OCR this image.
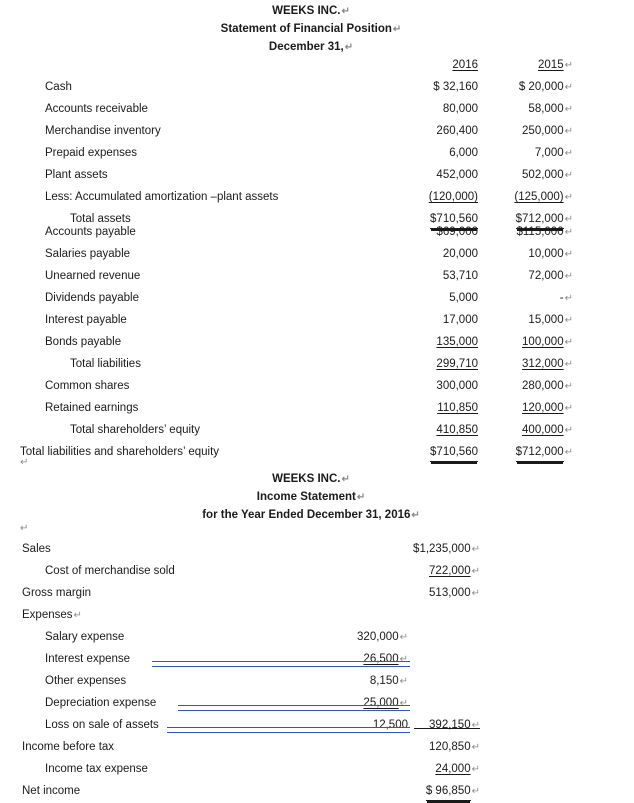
WEEKS INC.↵
Statement of Financial Position↵
December 31,↵
2016	2015↵
Cash	$ 32,160	$ 20,000↵
Accounts receivable	80,000	58,000↵
Merchandise inventory	260,400	250,000↵
Prepaid expenses	6,000	7,000↵
Plant assets	452,000	502,000↵
Less: Accumulated amortization –plant assets	(120,000)	(125,000)↵
Total assets	$710,560	$712,000↵
Accounts payable	$69,000	$115,000↵
Salaries payable	20,000	10,000↵
Unearned revenue	53,710	72,000↵
Dividends payable	5,000	-↵
Interest payable	17,000	15,000↵
Bonds payable	135,000	100,000↵
Total liabilities	299,710	312,000↵
Common shares	300,000	280,000↵
Retained earnings	110,850	120,000↵
Total shareholders’ equity	410,850	400,000↵
Total liabilities and shareholders’ equity	$710,560	$712,000↵
↵
WEEKS INC.↵
Income Statement↵
for the Year Ended December 31, 2016↵
↵
Sales	$1,235,000↵
Cost of merchandise sold	722,000↵
Gross margin	513,000↵
Expenses↵
Salary expense	320,000↵
Interest expense	26,500↵
Other expenses	8,150↵
Depreciation expense	25,000↵
Loss on sale of assets	12,500	392,150↵
Income before tax	120,850↵
Income tax expense	24,000↵
Net income	$ 96,850↵
